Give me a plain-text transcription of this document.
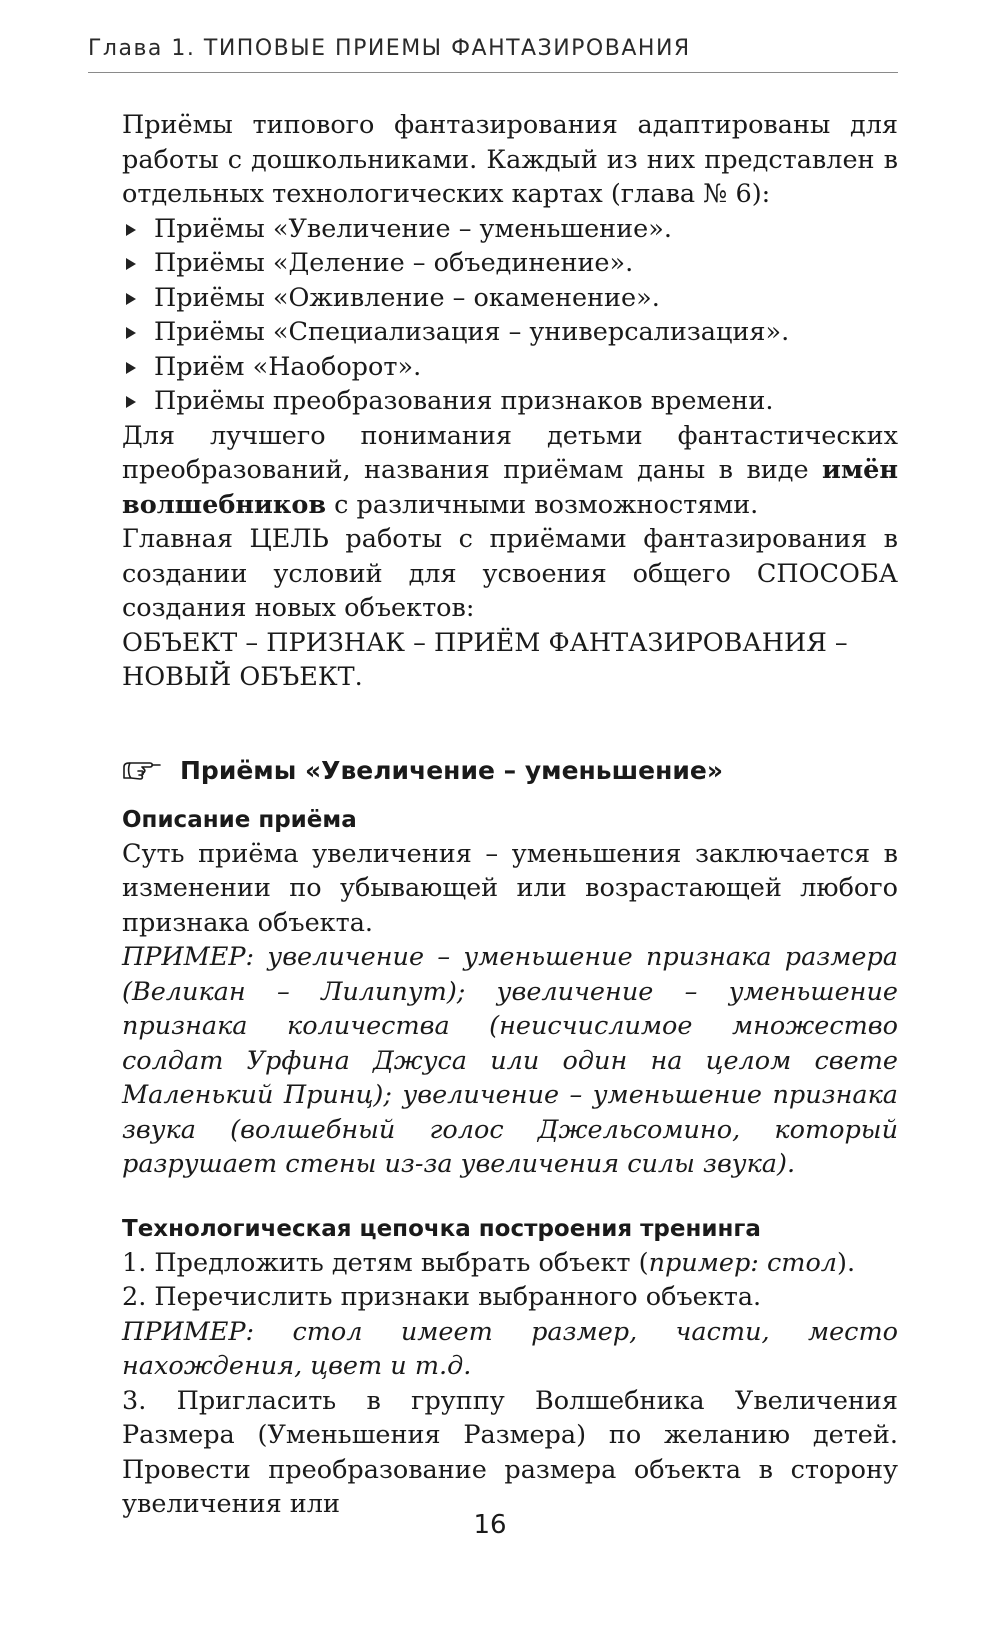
Глава 1. ТИПОВЫЕ ПРИЕМЫ ФАНТАЗИРОВАНИЯ

Приёмы типового фантазирования адаптированы для работы с дошкольниками. Каждый из них представлен в отдельных технологических картах (глава № 6):

Приёмы «Увеличение – уменьшение».
Приёмы «Деление – объединение».
Приёмы «Оживление – окаменение».
Приёмы «Специализация – универсализация».
Приём «Наоборот».
Приёмы преобразования признаков времени.

Для лучшего понимания детьми фантастических преобразований, названия приёмам даны в виде имён волшебников с различными возможностями.

Главная ЦЕЛЬ работы с приёмами фантазирования в создании условий для усвоения общего СПОСОБА создания новых объектов:

ОБЪЕКТ – ПРИЗНАК – ПРИЁМ ФАНТАЗИРОВАНИЯ –

НОВЫЙ ОБЪЕКТ.

Приёмы «Увеличение – уменьшение»
Описание приёма

Суть приёма увеличения – уменьшения заключается в изменении по убывающей или возрастающей любого признака объекта.

ПРИМЕР: увеличение – уменьшение признака размера (Великан – Лилипут); увеличение – уменьшение признака количества (неисчислимое множество солдат Урфина Джуса или один на целом свете Маленький Принц); увеличение – уменьшение признака звука (волшебный голос Джельсомино, который разрушает стены из-за увеличения силы звука).

Технологическая цепочка построения тренинга

1. Предложить детям выбрать объект (пример: стол).

2. Перечислить признаки выбранного объекта.

ПРИМЕР: стол имеет размер, части, место нахождения, цвет и т.д.

3. Пригласить в группу Волшебника Увеличения Размера (Уменьшения Размера) по желанию детей. Провести преобразование размера объекта в сторону увеличения или

16
